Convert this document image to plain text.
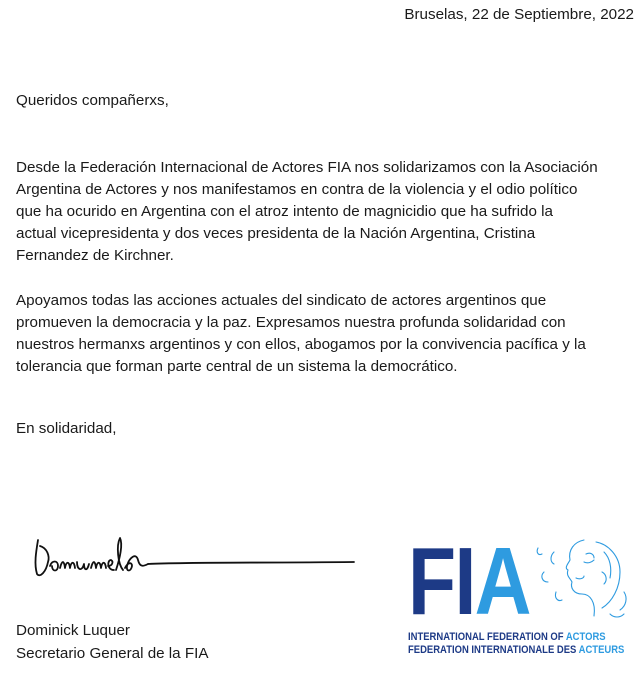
Bruselas, 22 de Septiembre, 2022
Queridos compañerxs,

Desde la Federación Internacional de Actores FIA nos solidarizamos con la Asociación
Argentina de Actores y nos manifestamos en contra de la violencia y el odio político
que ha ocurido en Argentina con el atroz intento de magnicidio que ha sufrido la
actual vicepresidenta y dos veces presidenta de la Nación Argentina, Cristina
Fernandez de Kirchner.

Apoyamos todas las acciones actuales del sindicato de actores argentinos que
promueven la democracia y la paz. Expresamos nuestra profunda solidaridad con
nuestros hermanxs argentinos y con ellos, abogamos por la convivencia pacífica y la
tolerancia que forman parte central de un sistema la democrático.

En solidaridad,
Dominick Luquer
Secretario General de la FIA
FIA
INTERNATIONAL FEDERATION OF ACTORS
FEDERATION INTERNATIONALE DES ACTEURS
